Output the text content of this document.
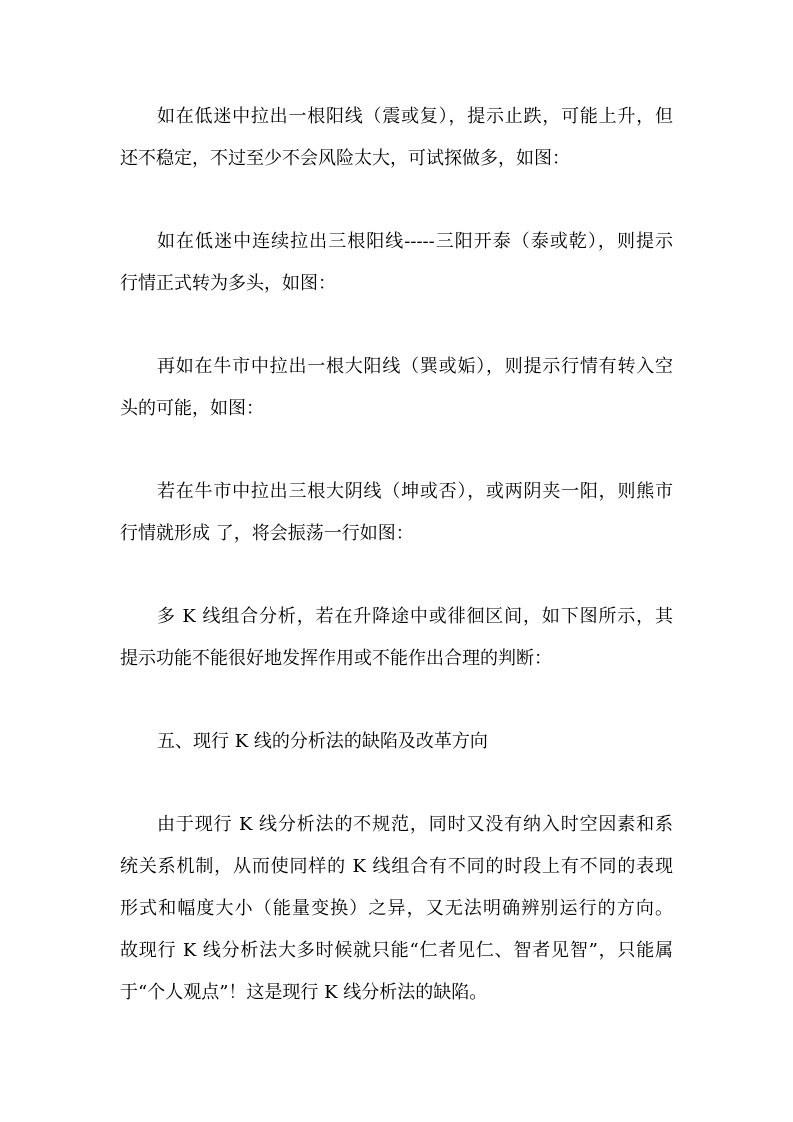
如在低迷中拉出一根阳线（震或复），提示止跌，可能上升，但

还不稳定，不过至少不会风险太大，可试探做多，如图：

如在低迷中连续拉出三根阳线-----三阳开泰（泰或乾），则提示

行情正式转为多头，如图：

再如在牛市中拉出一根大阳线（巽或姤），则提示行情有转入空

头的可能，如图：

若在牛市中拉出三根大阴线（坤或否），或两阴夹一阳，则熊市

行情就形成 了，将会振荡一行如图：

多 K 线组合分析，若在升降途中或徘徊区间，如下图所示，其

提示功能不能很好地发挥作用或不能作出合理的判断：

五、现行 K 线的分析法的缺陷及改革方向

由于现行 K 线分析法的不规范，同时又没有纳入时空因素和系

统关系机制，从而使同样的 K 线组合有不同的时段上有不同的表现

形式和幅度大小（能量变换）之异，又无法明确辨别运行的方向。

故现行 K 线分析法大多时候就只能“仁者见仁、智者见智”，只能属

于“个人观点”！这是现行 K 线分析法的缺陷。
